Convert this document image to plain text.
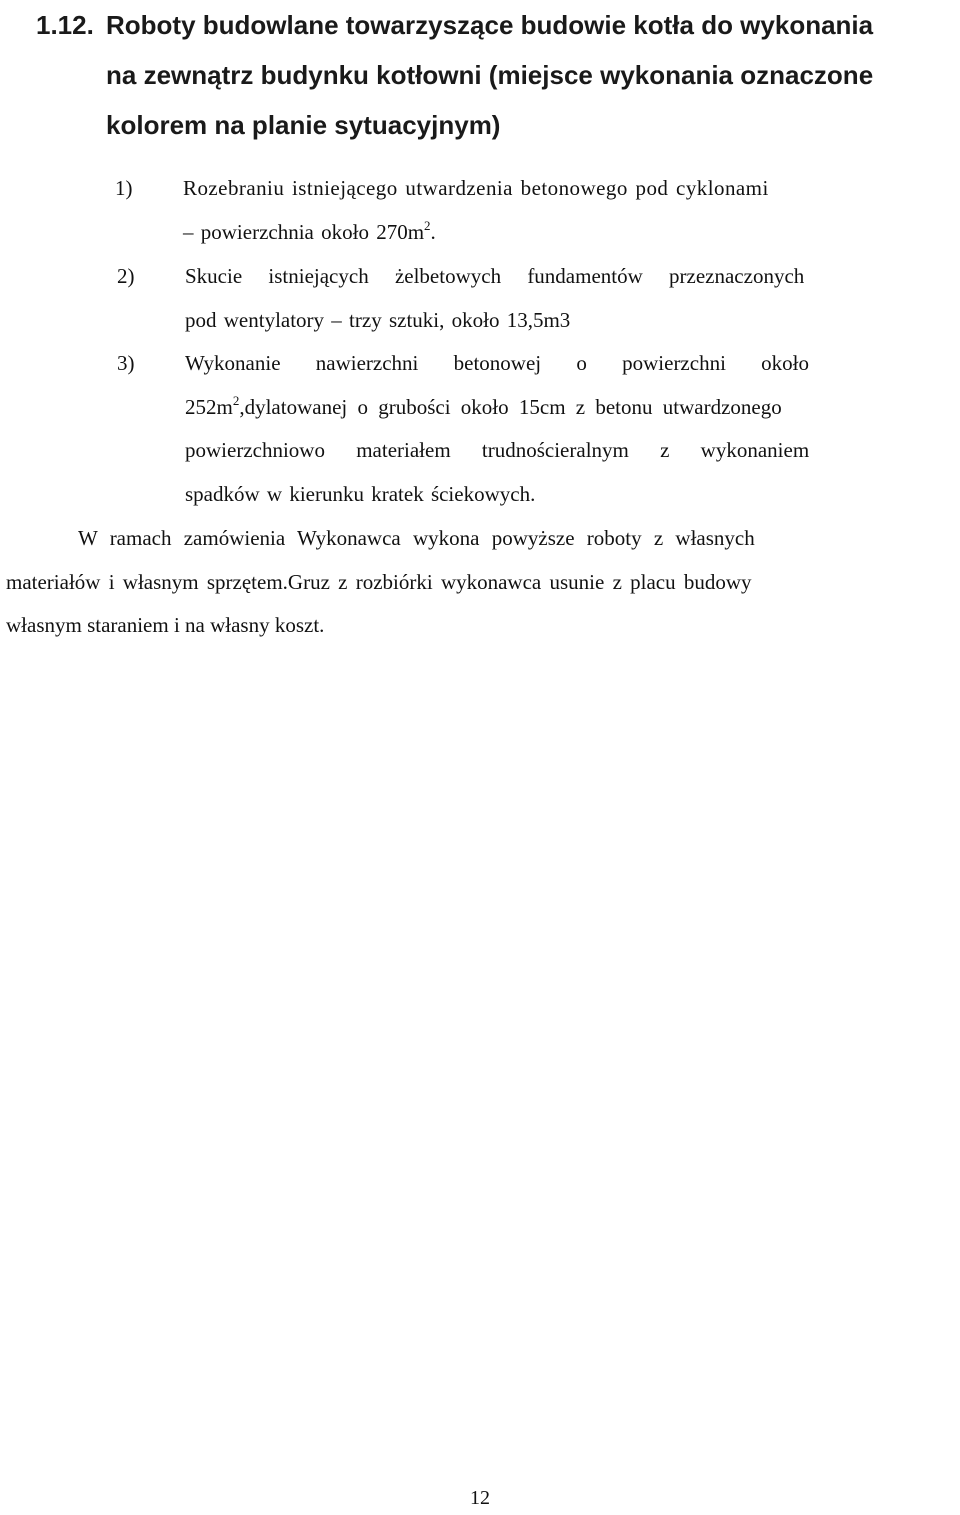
1.12. Roboty budowlane towarzyszące budowie kotła do wykonania
na zewnątrz budynku kotłowni (miejsce wykonania oznaczone
kolorem na planie sytuacyjnym)
1) Rozebraniu istniejącego utwardzenia betonowego pod cyklonami
– powierzchnia około $270m^2$.
2) Skucie istniejących żelbetowych fundamentów przeznaczonych
pod wentylatory – trzy sztuki, około 13,5m3
3) Wykonanie nawierzchni betonowej o powierzchni około
$252m^2,dylatowanej$ o grubości około 15cm z betonu utwardzonego
powierzchniowo materiałem trudnościeralnym z wykonaniem
spadków w kierunku kratek ściekowych.
W ramach zamówienia Wykonawca wykona powyższe roboty z własnych
materiałów i własnym sprzętem.Gruz z rozbiórki wykonawca usunie z placu budowy
własnym staraniem i na własny koszt.
12
